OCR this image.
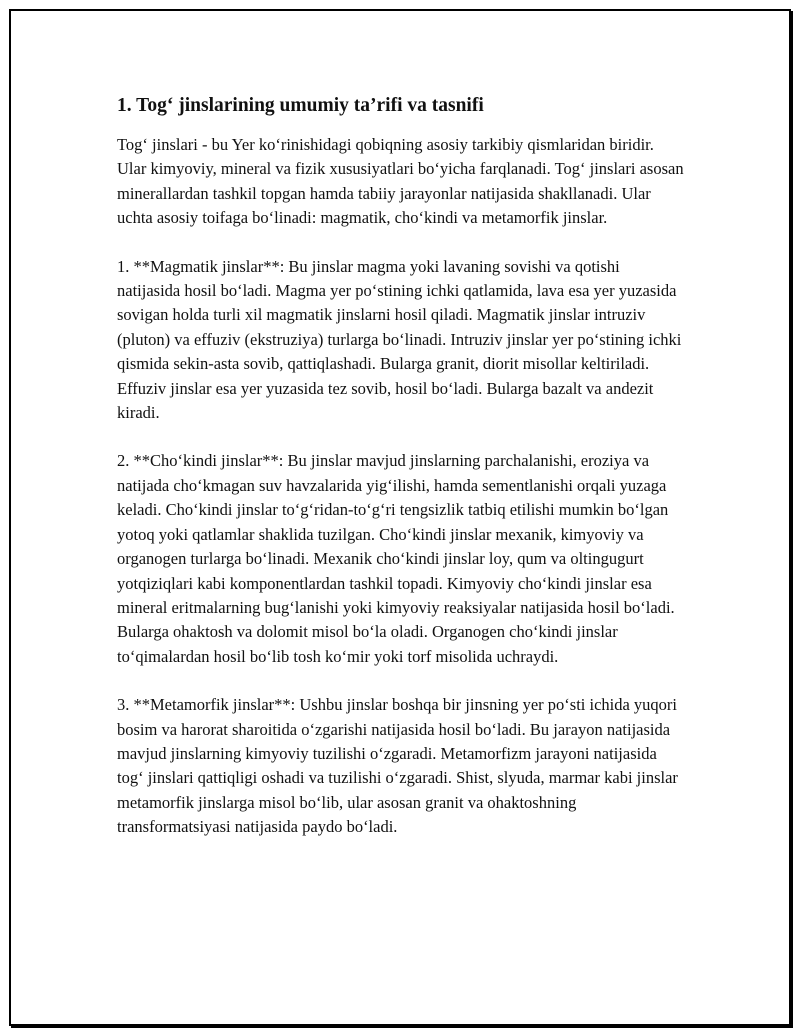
1. Tog‘ jinslarining umumiy ta’rifi va tasnifi

Tog‘ jinslari - bu Yer ko‘rinishidagi qobiqning asosiy tarkibiy qismlaridan biridir. Ular kimyoviy, mineral va fizik xususiyatlari bo‘yicha farqlanadi. Tog‘ jinslari asosan minerallardan tashkil topgan hamda tabiiy jarayonlar natijasida shakllanadi. Ular uchta asosiy toifaga bo‘linadi: magmatik, cho‘kindi va metamorfik jinslar.

1. **Magmatik jinslar**: Bu jinslar magma yoki lavaning sovishi va qotishi natijasida hosil bo‘ladi. Magma yer po‘stining ichki qatlamida, lava esa yer yuzasida sovigan holda turli xil magmatik jinslarni hosil qiladi. Magmatik jinslar intruziv (pluton) va effuziv (ekstruziya) turlarga bo‘linadi. Intruziv jinslar yer po‘stining ichki qismida sekin-asta sovib, qattiqlashadi. Bularga granit, diorit misollar keltiriladi. Effuziv jinslar esa yer yuzasida tez sovib, hosil bo‘ladi. Bularga bazalt va andezit kiradi.

2. **Cho‘kindi jinslar**: Bu jinslar mavjud jinslarning parchalanishi, eroziya va natijada cho‘kmagan suv havzalarida yig‘ilishi, hamda sementlanishi orqali yuzaga keladi. Cho‘kindi jinslar to‘g‘ridan-to‘g‘ri tengsizlik tatbiq etilishi mumkin bo‘lgan yotoq yoki qatlamlar shaklida tuzilgan. Cho‘kindi jinslar mexanik, kimyoviy va organogen turlarga bo‘linadi. Mexanik cho‘kindi jinslar loy, qum va oltingugurt yotqiziqlari kabi komponentlardan tashkil topadi. Kimyoviy cho‘kindi jinslar esa mineral eritmalarning bug‘lanishi yoki kimyoviy reaksiyalar natijasida hosil bo‘ladi. Bularga ohaktosh va dolomit misol bo‘la oladi. Organogen cho‘kindi jinslar to‘qimalardan hosil bo‘lib tosh ko‘mir yoki torf misolida uchraydi.

3. **Metamorfik jinslar**: Ushbu jinslar boshqa bir jinsning yer po‘sti ichida yuqori bosim va harorat sharoitida o‘zgarishi natijasida hosil bo‘ladi. Bu jarayon natijasida mavjud jinslarning kimyoviy tuzilishi o‘zgaradi. Metamorfizm jarayoni natijasida tog‘ jinslari qattiqligi oshadi va tuzilishi o‘zgaradi. Shist, slyuda, marmar kabi jinslar metamorfik jinslarga misol bo‘lib, ular asosan granit va ohaktoshning transformatsiyasi natijasida paydo bo‘ladi.
